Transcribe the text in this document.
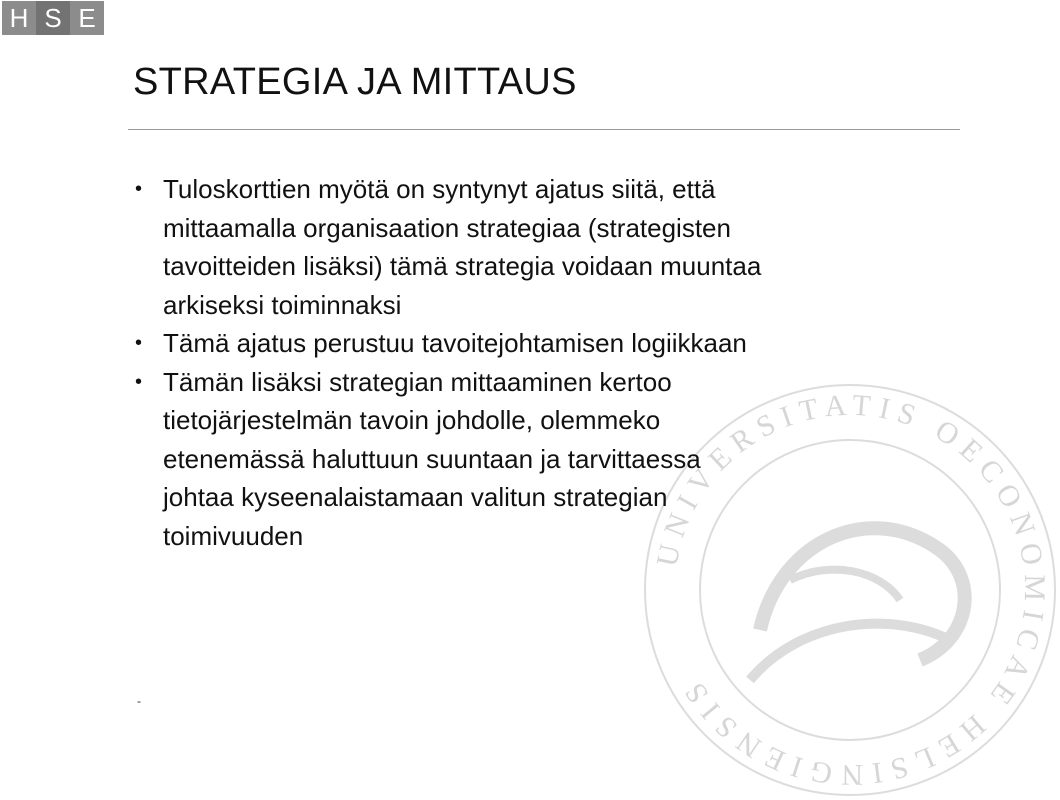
H S E
UNIVERSITATIS OECONOMICAE HELSINGIENSIS
STRATEGIA JA MITTAUS
• Tuloskorttien myötä on syntynyt ajatus siitä, että
mittaamalla organisaation strategiaa (strategisten
tavoitteiden lisäksi) tämä strategia voidaan muuntaa
arkiseksi toiminnaksi
• Tämä ajatus perustuu tavoitejohtamisen logiikkaan
• Tämän lisäksi strategian mittaaminen kertoo
tietojärjestelmän tavoin johdolle, olemmeko
etenemässä haluttuun suuntaan ja tarvittaessa
johtaa kyseenalaistamaan valitun strategian
toimivuuden
-
